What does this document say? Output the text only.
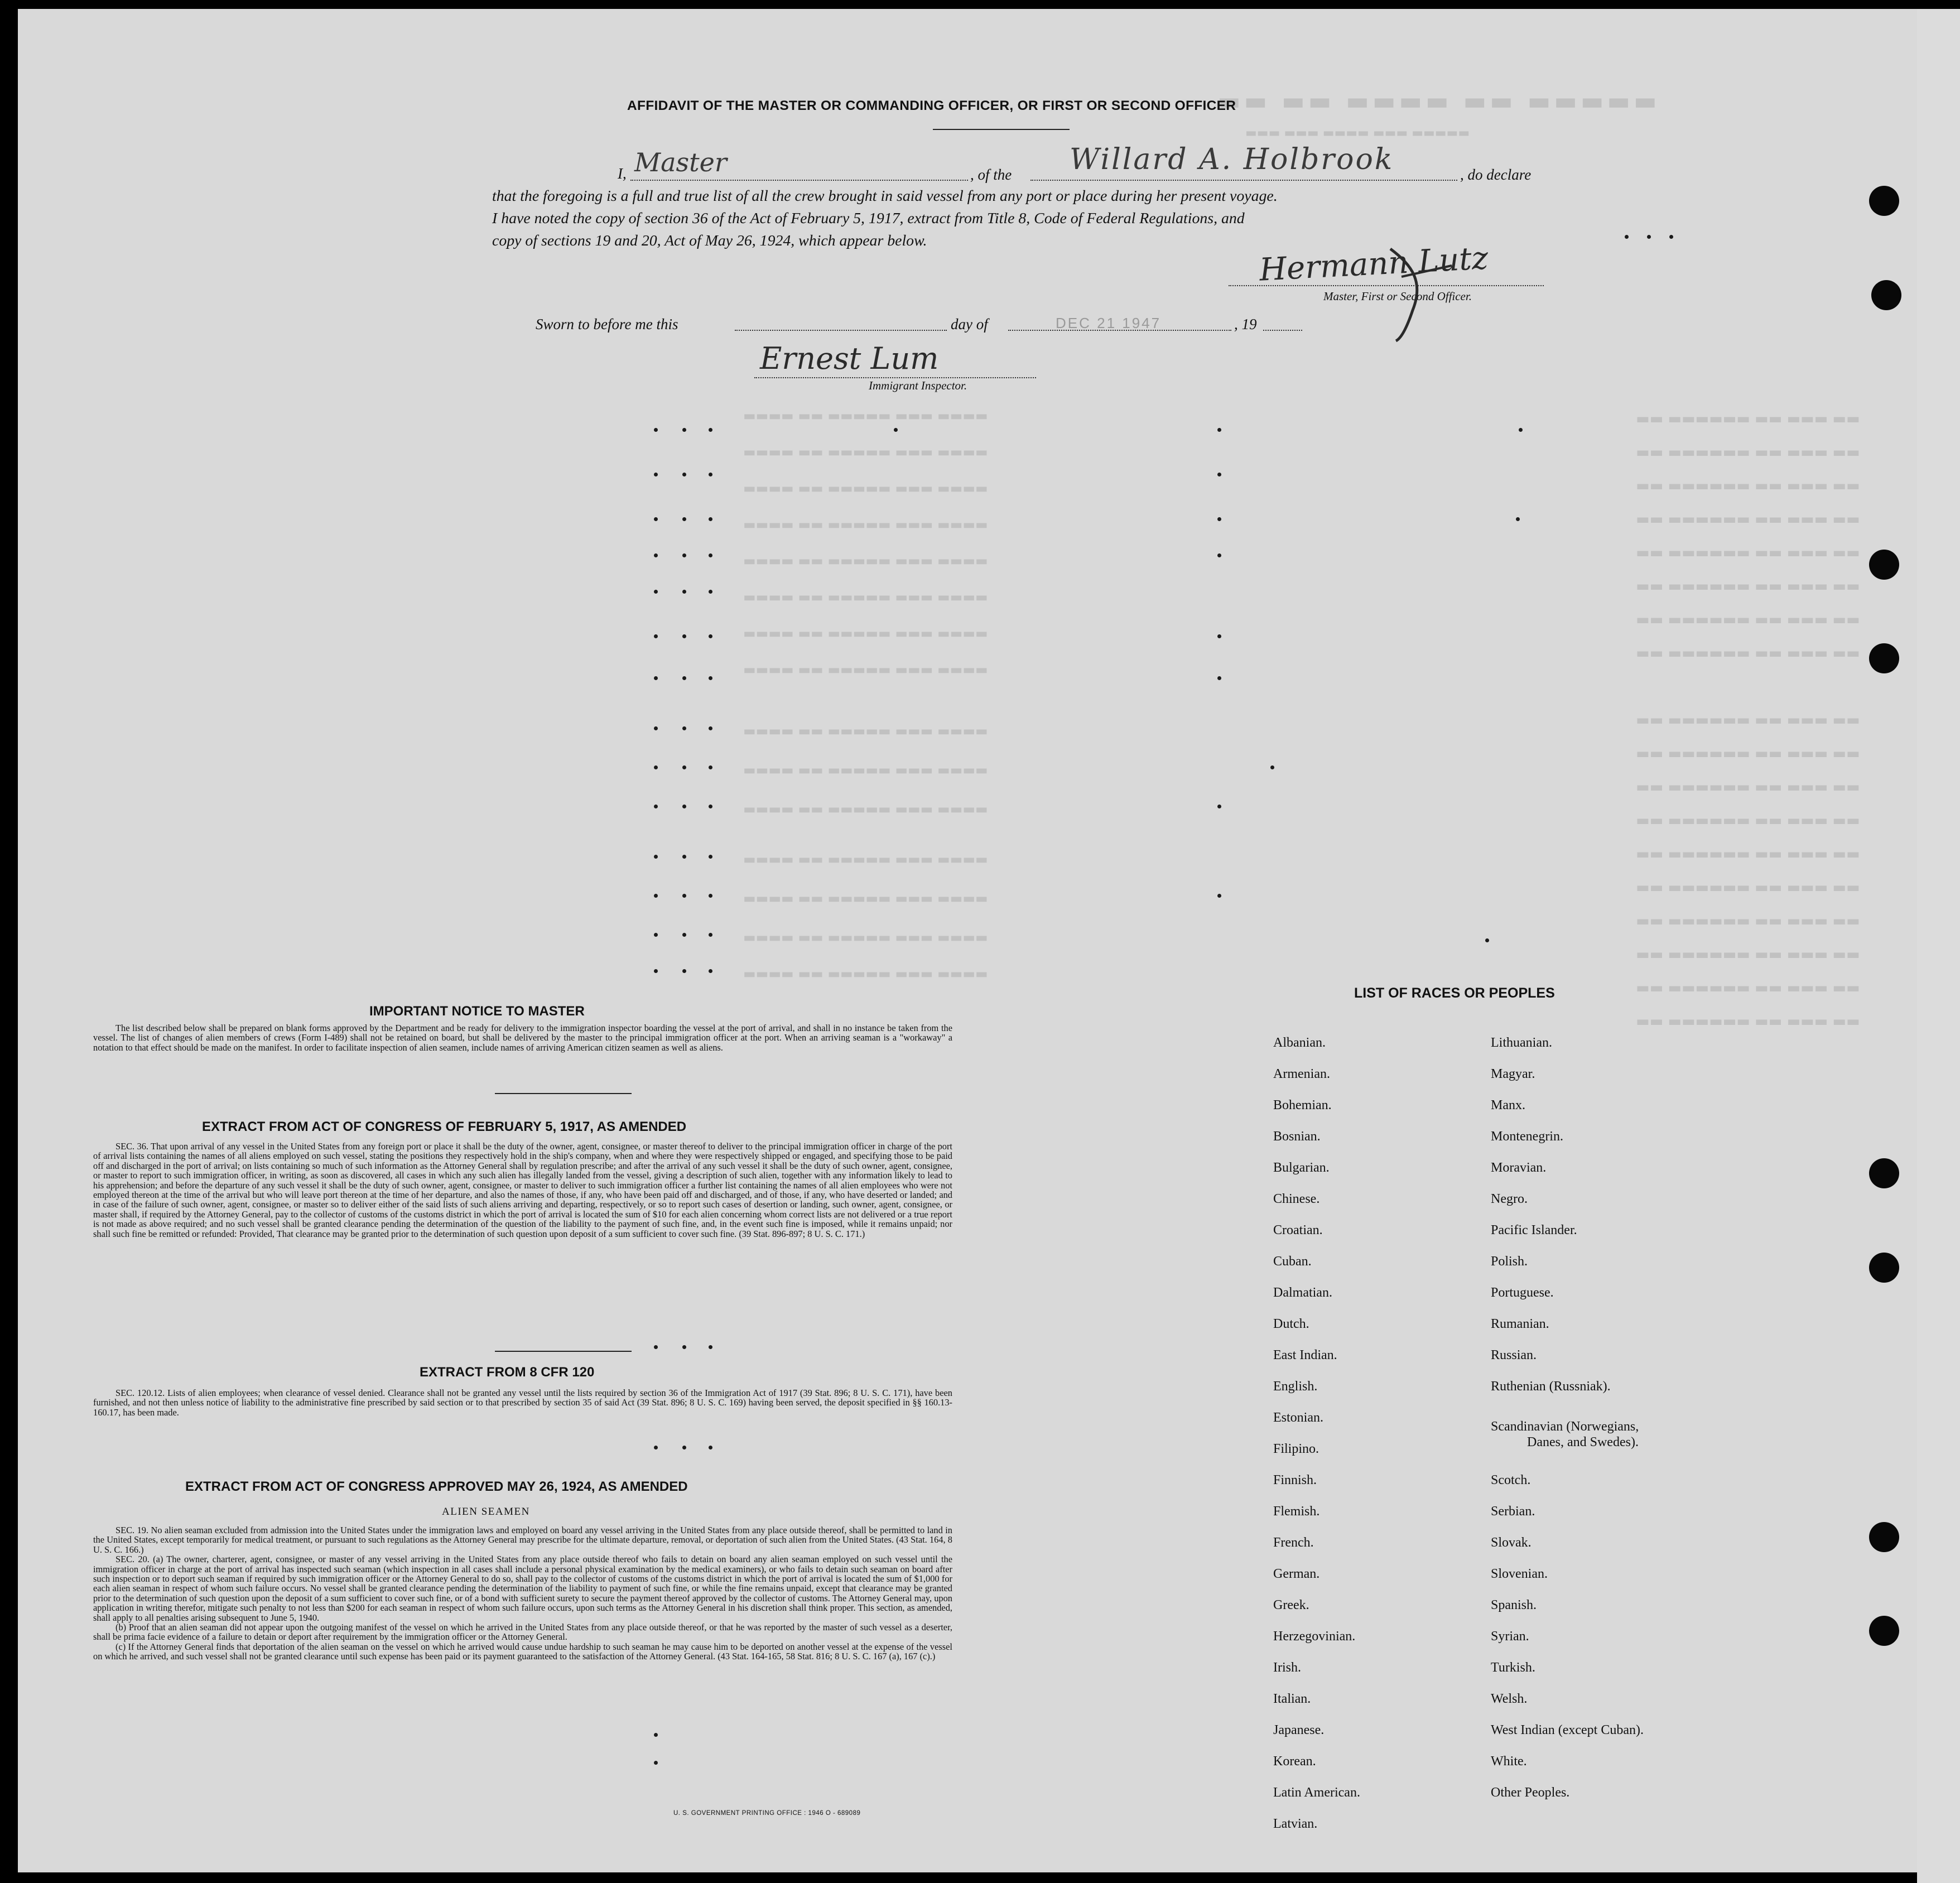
▬▬ ▬▬ ▬▬▬▬ ▬▬ ▬▬▬▬▬
▬▬▬ ▬▬▬ ▬▬▬▬ ▬▬▬ ▬▬▬▬▬
▬▬ ▬▬▬▬▬▬ ▬▬ ▬▬▬ ▬▬
▬▬ ▬▬▬▬▬▬ ▬▬ ▬▬▬ ▬▬
▬▬ ▬▬▬▬▬▬ ▬▬ ▬▬▬ ▬▬
▬▬ ▬▬▬▬▬▬ ▬▬ ▬▬▬ ▬▬
▬▬ ▬▬▬▬▬▬ ▬▬ ▬▬▬ ▬▬
▬▬ ▬▬▬▬▬▬ ▬▬ ▬▬▬ ▬▬
▬▬ ▬▬▬▬▬▬ ▬▬ ▬▬▬ ▬▬
▬▬ ▬▬▬▬▬▬ ▬▬ ▬▬▬ ▬▬
▬▬ ▬▬▬▬▬▬ ▬▬ ▬▬▬ ▬▬
▬▬ ▬▬▬▬▬▬ ▬▬ ▬▬▬ ▬▬
▬▬ ▬▬▬▬▬▬ ▬▬ ▬▬▬ ▬▬
▬▬ ▬▬▬▬▬▬ ▬▬ ▬▬▬ ▬▬
▬▬ ▬▬▬▬▬▬ ▬▬ ▬▬▬ ▬▬
▬▬ ▬▬▬▬▬▬ ▬▬ ▬▬▬ ▬▬
▬▬ ▬▬▬▬▬▬ ▬▬ ▬▬▬ ▬▬
▬▬ ▬▬▬▬▬▬ ▬▬ ▬▬▬ ▬▬
▬▬ ▬▬▬▬▬▬ ▬▬ ▬▬▬ ▬▬
▬▬ ▬▬▬▬▬▬ ▬▬ ▬▬▬ ▬▬
▬▬▬▬ ▬▬ ▬▬▬▬▬ ▬▬▬ ▬▬▬▬
▬▬▬▬ ▬▬ ▬▬▬▬▬ ▬▬▬ ▬▬▬▬
▬▬▬▬ ▬▬ ▬▬▬▬▬ ▬▬▬ ▬▬▬▬
▬▬▬▬ ▬▬ ▬▬▬▬▬ ▬▬▬ ▬▬▬▬
▬▬▬▬ ▬▬ ▬▬▬▬▬ ▬▬▬ ▬▬▬▬
▬▬▬▬ ▬▬ ▬▬▬▬▬ ▬▬▬ ▬▬▬▬
▬▬▬▬ ▬▬ ▬▬▬▬▬ ▬▬▬ ▬▬▬▬
▬▬▬▬ ▬▬ ▬▬▬▬▬ ▬▬▬ ▬▬▬▬
▬▬▬▬ ▬▬ ▬▬▬▬▬ ▬▬▬ ▬▬▬▬
▬▬▬▬ ▬▬ ▬▬▬▬▬ ▬▬▬ ▬▬▬▬
▬▬▬▬ ▬▬ ▬▬▬▬▬ ▬▬▬ ▬▬▬▬
▬▬▬▬ ▬▬ ▬▬▬▬▬ ▬▬▬ ▬▬▬▬
▬▬▬▬ ▬▬ ▬▬▬▬▬ ▬▬▬ ▬▬▬▬
▬▬▬▬ ▬▬ ▬▬▬▬▬ ▬▬▬ ▬▬▬▬
▬▬▬▬ ▬▬ ▬▬▬▬▬ ▬▬▬ ▬▬▬▬
AFFIDAVIT OF THE MASTER OR COMMANDING OFFICER, OR FIRST OR SECOND OFFICER
I, Master	, of the Willard A. Holbrook	, do declare
that the foregoing is a full and true list of all the crew brought in said vessel from any port or place during her present voyage.
I have noted the copy of section 36 of the Act of February 5, 1917, extract from Title 8, Code of Federal Regulations, and
copy of sections 19 and 20, Act of May 26, 1924, which appear below.	Hermann Lutz
Master, First or Second Officer.
Sworn to before me this	day of	DEC 21 1947	, 19
Ernest Lum
Immigrant Inspector.
IMPORTANT NOTICE TO MASTER

The list described below shall be prepared on blank forms approved by the Department and be ready for delivery to the immigration inspector boarding the vessel at the port of arrival, and shall in no instance be taken from the vessel. The list of changes of alien members of crews (Form I-489) shall not be retained on board, but shall be delivered by the master to the principal immigration officer at the port. When an arriving seaman is a "workaway" a notation to that effect should be made on the manifest. In order to facilitate inspection of alien seamen, include names of arriving American citizen seamen as well as aliens.

EXTRACT FROM ACT OF CONGRESS OF FEBRUARY 5, 1917, AS AMENDED

SEC. 36. That upon arrival of any vessel in the United States from any foreign port or place it shall be the duty of the owner, agent, consignee, or master thereof to deliver to the principal immigration officer in charge of the port of arrival lists containing the names of all aliens employed on such vessel, stating the positions they respectively hold in the ship's company, when and where they were respectively shipped or engaged, and specifying those to be paid off and discharged in the port of arrival; on lists containing so much of such information as the Attorney General shall by regulation prescribe; and after the arrival of any such vessel it shall be the duty of such owner, agent, consignee, or master to report to such immigration officer, in writing, as soon as discovered, all cases in which any such alien has illegally landed from the vessel, giving a description of such alien, together with any information likely to lead to his apprehension; and before the departure of any such vessel it shall be the duty of such owner, agent, consignee, or master to deliver to such immigration officer a further list containing the names of all alien employees who were not employed thereon at the time of the arrival but who will leave port thereon at the time of her departure, and also the names of those, if any, who have been paid off and discharged, and of those, if any, who have deserted or landed; and in case of the failure of such owner, agent, consignee, or master so to deliver either of the said lists of such aliens arriving and departing, respectively, or so to report such cases of desertion or landing, such owner, agent, consignee, or master shall, if required by the Attorney General, pay to the collector of customs of the customs district in which the port of arrival is located the sum of $10 for each alien concerning whom correct lists are not delivered or a true report is not made as above required; and no such vessel shall be granted clearance pending the determination of the question of the liability to the payment of such fine, and, in the event such fine is imposed, while it remains unpaid; nor shall such fine be remitted or refunded: Provided, That clearance may be granted prior to the determination of such question upon deposit of a sum sufficient to cover such fine. (39 Stat. 896-897; 8 U. S. C. 171.)

EXTRACT FROM 8 CFR 120

SEC. 120.12. Lists of alien employees; when clearance of vessel denied. Clearance shall not be granted any vessel until the lists required by section 36 of the Immigration Act of 1917 (39 Stat. 896; 8 U. S. C. 171), have been furnished, and not then unless notice of liability to the administrative fine prescribed by said section or to that prescribed by section 35 of said Act (39 Stat. 896; 8 U. S. C. 169) having been served, the deposit specified in §§ 160.13-160.17, has been made.

EXTRACT FROM ACT OF CONGRESS APPROVED MAY 26, 1924, AS AMENDED
ALIEN SEAMEN

SEC. 19. No alien seaman excluded from admission into the United States under the immigration laws and employed on board any vessel arriving in the United States from any place outside thereof, shall be permitted to land in the United States, except temporarily for medical treatment, or pursuant to such regulations as the Attorney General may prescribe for the ultimate departure, removal, or deportation of such alien from the United States. (43 Stat. 164, 8 U. S. C. 166.)

SEC. 20. (a) The owner, charterer, agent, consignee, or master of any vessel arriving in the United States from any place outside thereof who fails to detain on board any alien seaman employed on such vessel until the immigration officer in charge at the port of arrival has inspected such seaman (which inspection in all cases shall include a personal physical examination by the medical examiners), or who fails to detain such seaman on board after such inspection or to deport such seaman if required by such immigration officer or the Attorney General to do so, shall pay to the collector of customs of the customs district in which the port of arrival is located the sum of $1,000 for each alien seaman in respect of whom such failure occurs. No vessel shall be granted clearance pending the determination of the liability to payment of such fine, or while the fine remains unpaid, except that clearance may be granted prior to the determination of such question upon the deposit of a sum sufficient to cover such fine, or of a bond with sufficient surety to secure the payment thereof approved by the collector of customs. The Attorney General may, upon application in writing therefor, mitigate such penalty to not less than $200 for each seaman in respect of whom such failure occurs, upon such terms as the Attorney General in his discretion shall think proper. This section, as amended, shall apply to all penalties arising subsequent to June 5, 1940.

(b) Proof that an alien seaman did not appear upon the outgoing manifest of the vessel on which he arrived in the United States from any place outside thereof, or that he was reported by the master of such vessel as a deserter, shall be prima facie evidence of a failure to detain or deport after requirement by the immigration officer or the Attorney General.

(c) If the Attorney General finds that deportation of the alien seaman on the vessel on which he arrived would cause undue hardship to such seaman he may cause him to be deported on another vessel at the expense of the vessel on which he arrived, and such vessel shall not be granted clearance until such expense has been paid or its payment guaranteed to the satisfaction of the Attorney General. (43 Stat. 164-165, 58 Stat. 816; 8 U. S. C. 167 (a), 167 (c).)

U. S. GOVERNMENT PRINTING OFFICE : 1946 O - 689089
LIST OF RACES OR PEOPLES
Albanian.
Armenian.
Bohemian.
Bosnian.
Bulgarian.
Chinese.
Croatian.
Cuban.
Dalmatian.
Dutch.
East Indian.
English.
Estonian.
Filipino.
Finnish.
Flemish.
French.
German.
Greek.
Herzegovinian.
Irish.
Italian.
Japanese.
Korean.
Latin American.
Latvian.
Lithuanian.
Magyar.
Manx.
Montenegrin.
Moravian.
Negro.
Pacific Islander.
Polish.
Portuguese.
Rumanian.
Russian.
Ruthenian (Russniak).
Scandinavian (Norwegians,
Danes, and Swedes).
Scotch.
Serbian.
Slovak.
Slovenian.
Spanish.
Syrian.
Turkish.
Welsh.
West Indian (except Cuban).
White.
Other Peoples.
